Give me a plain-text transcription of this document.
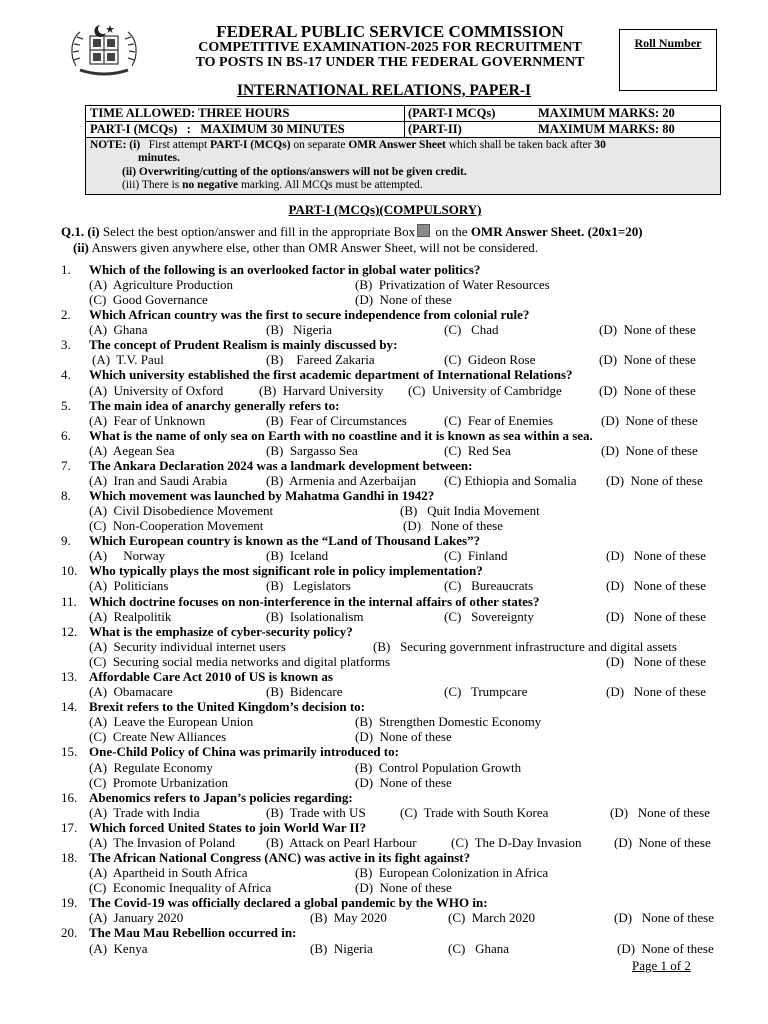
FEDERAL PUBLIC SERVICE COMMISSION
COMPETITIVE EXAMINATION-2025 FOR RECRUITMENT
TO POSTS IN BS-17 UNDER THE FEDERAL GOVERNMENT
INTERNATIONAL RELATIONS, PAPER-I
Roll Number
TIME ALLOWED: THREE HOURS	(PART-I MCQs)	MAXIMUM MARKS: 20
PART-I (MCQs)   :   MAXIMUM 30 MINUTES	(PART-II)	MAXIMUM MARKS: 80
NOTE: (i) First attempt PART-I (MCQs) on separate OMR Answer Sheet which shall be taken back after 30
minutes.
(ii) Overwriting/cutting of the options/answers will not be given credit.
(iii) There is no negative marking. All MCQs must be attempted.
PART-I (MCQs)(COMPULSORY)
Q.1. (i) Select the best option/answer and fill in the appropriate Box on the OMR Answer Sheet. (20x1=20)
(ii) Answers given anywhere else, other than OMR Answer Sheet, will not be considered.
1. Which of the following is an overlooked factor in global water politics?
(A)  Agriculture Production	(B)  Privatization of Water Resources
(C)  Good Governance	(D)  None of these
2. Which African country was the first to secure independence from colonial rule?
(A)  Ghana	(B)   Nigeria	(C)   Chad	(D)  None of these
3. The concept of Prudent Realism is mainly discussed by:
(A)  T.V. Paul	(B)    Fareed Zakaria	(C)  Gideon Rose	(D)  None of these
4. Which university established the first academic department of International Relations?
(A)  University of Oxford	(B)  Harvard University (C)  University of Cambridge	(D)  None of these
5. The main idea of anarchy generally refers to:
(A)  Fear of Unknown	(B)  Fear of Circumstances	(C)  Fear of Enemies	(D)  None of these
6. What is the name of only sea on Earth with no coastline and it is known as sea within a sea.
(A)  Aegean Sea	(B)  Sargasso Sea	(C)  Red Sea	(D)  None of these
7. The Ankara Declaration 2024 was a landmark development between:
(A)  Iran and Saudi Arabia	(B)  Armenia and Azerbaijan (C) Ethiopia and Somalia (D)  None of these
8. Which movement was launched by Mahatma Gandhi in 1942?
(A)  Civil Disobedience Movement	(B)   Quit India Movement
(C)  Non-Cooperation Movement	(D)   None of these
9. Which European country is known as the “Land of Thousand Lakes”?
(A)     Norway	(B)  Iceland	(C)  Finland	(D)   None of these
10. Who typically plays the most significant role in policy implementation?
(A)  Politicians	(B)   Legislators	(C)   Bureaucrats	(D)   None of these
11. Which doctrine focuses on non-interference in the internal affairs of other states?
(A)  Realpolitik	(B)  Isolationalism	(C)   Sovereignty	(D)   None of these
12. What is the emphasize of cyber-security policy?
(A)  Security individual internet users	(B)   Securing government infrastructure and digital assets
(C)  Securing social media networks and digital platforms	(D)   None of these
13. Affordable Care Act 2010 of US is known as
(A)  Obamacare	(B)  Bidencare	(C)   Trumpcare	(D)   None of these
14. Brexit refers to the United Kingdom’s decision to:
(A)  Leave the European Union	(B)  Strengthen Domestic Economy
(C)  Create New Alliances	(D)  None of these
15. One-Child Policy of China was primarily introduced to:
(A)  Regulate Economy	(B)  Control Population Growth
(C)  Promote Urbanization	(D)  None of these
16. Abenomics refers to Japan’s policies regarding:
(A)  Trade with India	(B)  Trade with US	(C)  Trade with South Korea	(D)   None of these
17. Which forced United States to join World War II?
(A)  The Invasion of Poland (B)  Attack on Pearl Harbour	(C)  The D-Day Invasion	(D)  None of these
18. The African National Congress (ANC) was active in its fight against?
(A)  Apartheid in South Africa	(B)  European Colonization in Africa
(C)  Economic Inequality of Africa	(D)  None of these
19. The Covid-19 was officially declared a global pandemic by the WHO in:
(A)  January 2020	(B)  May 2020	(C)  March 2020	(D)   None of these
20. The Mau Mau Rebellion occurred in:
(A)  Kenya	(B)  Nigeria	(C)   Ghana	(D)  None of these
Page 1 of 2
